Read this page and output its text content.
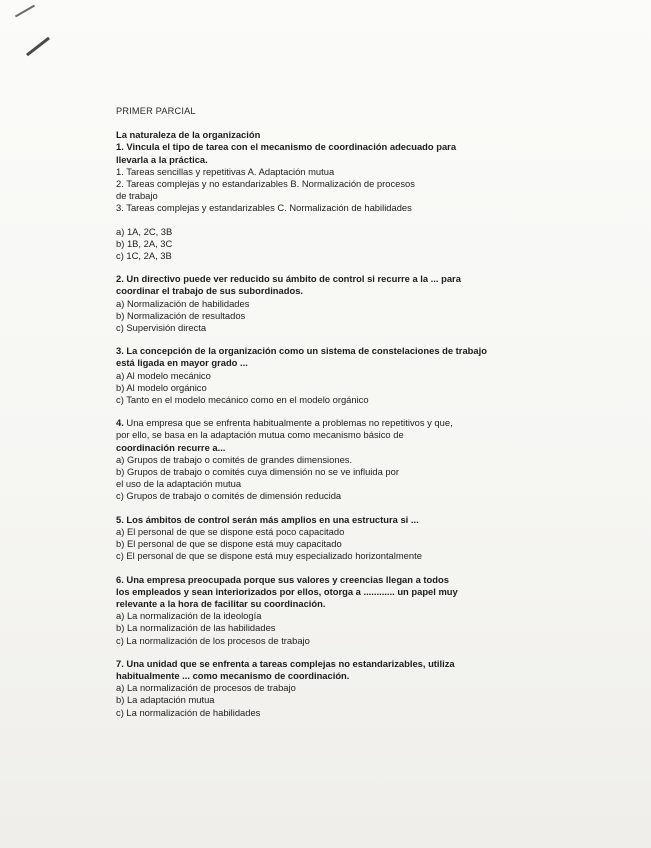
PRIMER PARCIAL
La naturaleza de la organización
1. Vincula el tipo de tarea con el mecanismo de coordinación adecuado para
llevarla a la práctica.
1. Tareas sencillas y repetitivas A. Adaptación mutua
2. Tareas complejas y no estandarizables B. Normalización de procesos
de trabajo
3. Tareas complejas y estandarizables C. Normalización de habilidades
a) 1A, 2C, 3B
b) 1B, 2A, 3C
c) 1C, 2A, 3B
2. Un directivo puede ver reducido su ámbito de control si recurre a la ... para
coordinar el trabajo de sus subordinados.
a) Normalización de habilidades
b) Normalización de resultados
c) Supervisión directa
3. La concepción de la organización como un sistema de constelaciones de trabajo
está ligada en mayor grado ...
a) Al modelo mecánico
b) Al modelo orgánico
c) Tanto en el modelo mecánico como en el modelo orgánico
4. Una empresa que se enfrenta habitualmente a problemas no repetitivos y que,
por ello, se basa en la adaptación mutua como mecanismo básico de
coordinación recurre a...
a) Grupos de trabajo o comités de grandes dimensiones.
b) Grupos de trabajo o comités cuya dimensión no se ve influida por
el uso de la adaptación mutua
c) Grupos de trabajo o comités de dimensión reducida
5. Los ámbitos de control serán más amplios en una estructura si ...
a) El personal de que se dispone está poco capacitado
b) El personal de que se dispone está muy capacitado
c) El personal de que se dispone está muy especializado horizontalmente
6. Una empresa preocupada porque sus valores y creencias llegan a todos
los empleados y sean interiorizados por ellos, otorga a ............ un papel muy
relevante a la hora de facilitar su coordinación.
a) La normalización de la ideología
b) La normalización de las habilidades
c) La normalización de los procesos de trabajo
7. Una unidad que se enfrenta a tareas complejas no estandarizables, utiliza
habitualmente ... como mecanismo de coordinación.
a) La normalización de procesos de trabajo
b) La adaptación mutua
c) La normalización de habilidades
